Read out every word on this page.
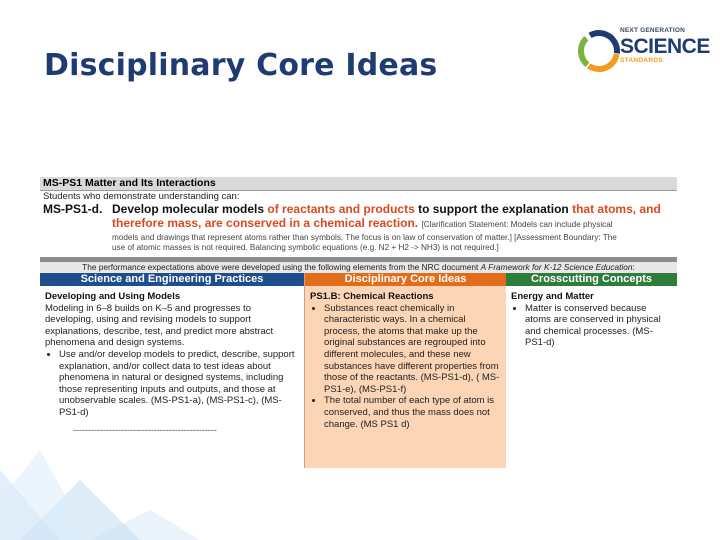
Disciplinary Core Ideas
NEXT GENERATION
SCIENCE
STANDARDS
MS-PS1 Matter and Its Interactions
Students who demonstrate understanding can:
MS-PS1-d. Develop molecular models of reactants and products to support the explanation that atoms, and therefore mass, are conserved in a chemical reaction. [Clarification Statement: Models can include physical
models and drawings that represent atoms rather than symbols. The focus is on law of conservation of matter.] [Assessment Boundary: The
use of atomic masses is not required. Balancing symbolic equations (e.g. N2 + H2 -> NH3) is not required.]
The performance expectations above were developed using the following elements from the NRC document A Framework for K-12 Science Education:
Science and Engineering Practices
Developing and Using Models
Modeling in 6–8 builds on K–5 and progresses to developing, using and revising models to support explanations, describe, test, and predict more abstract phenomena and design systems.
• Use and/or develop models to predict, describe, support explanation, and/or collect data to test ideas about phenomena in natural or designed systems, including those representing inputs and outputs, and those at unobservable scales. (MS-PS1-a), (MS-PS1-c), (MS-PS1-d)
------------------------------------------------
Disciplinary Core Ideas
PS1.B: Chemical Reactions
• Substances react chemically in characteristic ways. In a chemical process, the atoms that make up the original substances are regrouped into different molecules, and these new substances have different properties from those of the reactants. (MS-PS1-d), ( MS-PS1-e), (MS-PS1-f)
• The total number of each type of atom is conserved, and thus the mass does not change. (MS PS1 d)
Crosscutting Concepts
Energy and Matter
• Matter is conserved because atoms are conserved in physical and chemical processes. (MS-PS1-d)
